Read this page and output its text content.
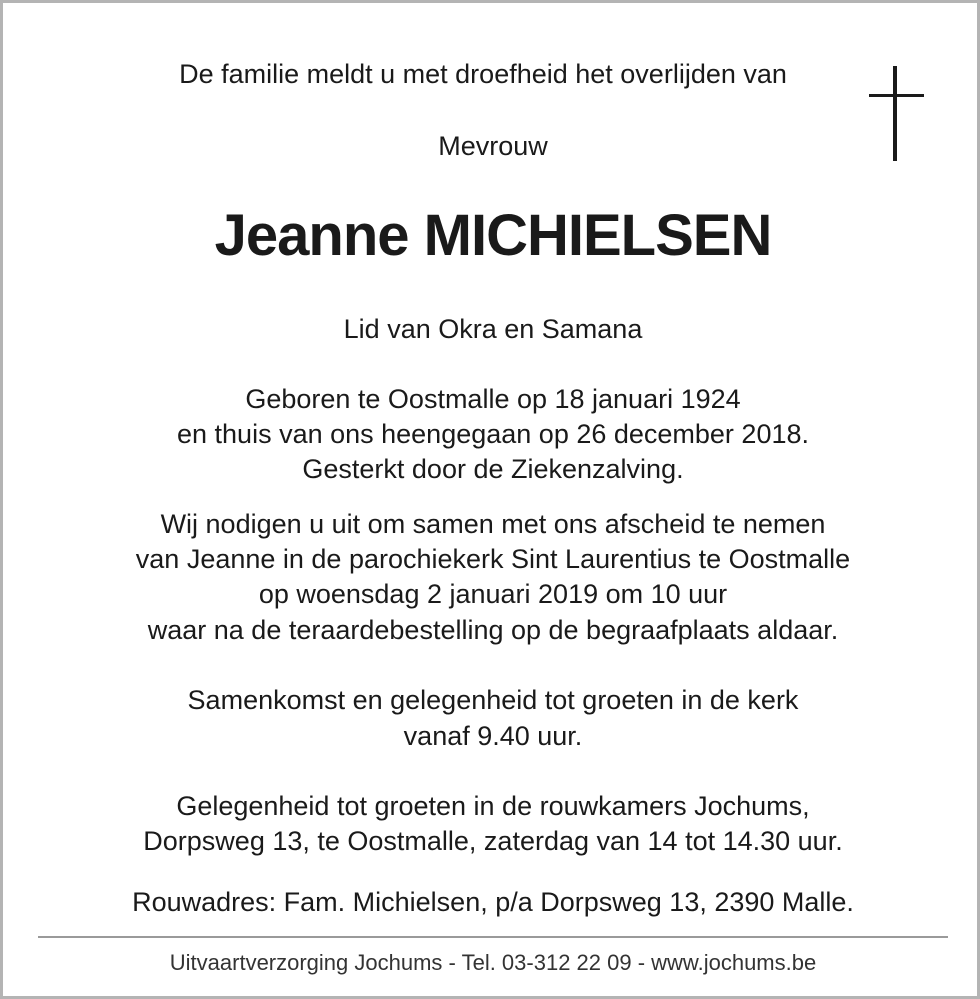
De familie meldt u met droefheid het overlijden van
Mevrouw
Jeanne MICHIELSEN
Lid van Okra en Samana
Geboren te Oostmalle op 18 januari 1924
en thuis van ons heengegaan op 26 december 2018.
Gesterkt door de Ziekenzalving.
Wij nodigen u uit om samen met ons afscheid te nemen
van Jeanne in de parochiekerk Sint Laurentius te Oostmalle
op woensdag 2 januari 2019 om 10 uur
waar na de teraardebestelling op de begraafplaats aldaar.
Samenkomst en gelegenheid tot groeten in de kerk
vanaf 9.40 uur.
Gelegenheid tot groeten in de rouwkamers Jochums,
Dorpsweg 13, te Oostmalle, zaterdag van 14 tot 14.30 uur.
Rouwadres: Fam. Michielsen, p/a Dorpsweg 13, 2390 Malle.
Uitvaartverzorging Jochums - Tel. 03-312 22 09 - www.jochums.be
